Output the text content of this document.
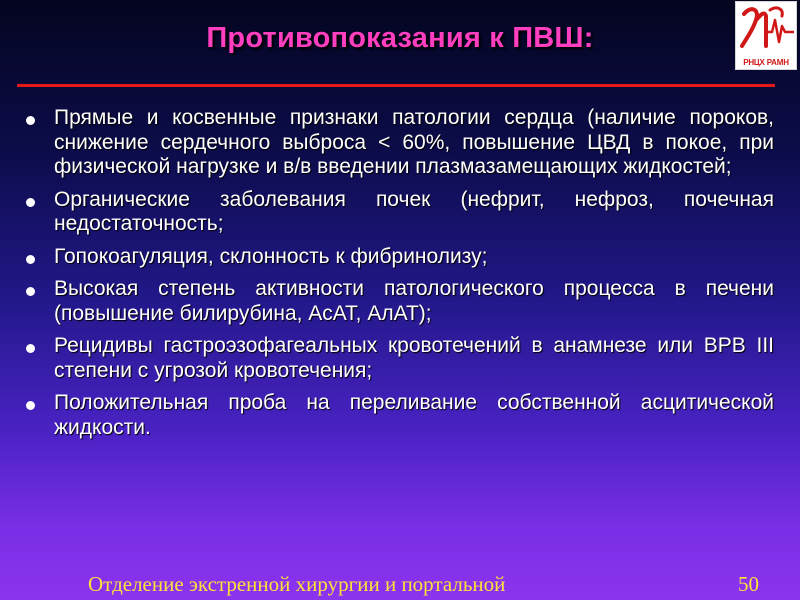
Противопоказания к ПВШ:
РНЦХ РАМН
Прямые и косвенные признаки патологии сердца (наличие пороков, снижение сердечного выброса < 60%, повышение ЦВД в покое, при физической нагрузке и в/в введении плазмазамещающих жидкостей;
Органические заболевания почек (нефрит, нефроз, почечная недостаточность;
Гопокоагуляция, склонность к фибринолизу;
Высокая степень активности патологического процесса в печени (повышение билирубина, АсАТ, АлАТ);
Рецидивы гастроэзофагеальных кровотечений в анамнезе или ВРВ III степени с угрозой кровотечения;
Положительная проба на переливание собственной асцитической жидкости.
Отделение экстренной хирургии и портальной	50
